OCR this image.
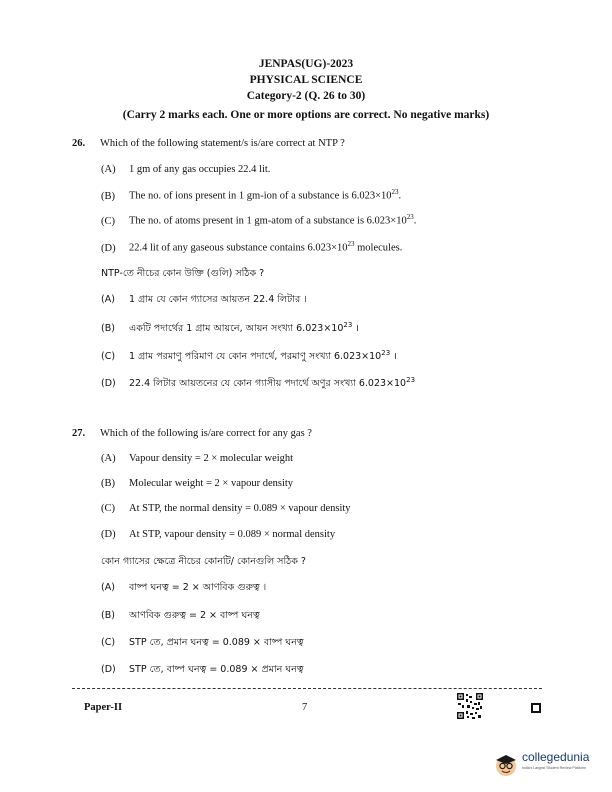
JENPAS(UG)-2023
PHYSICAL SCIENCE
Category-2 (Q. 26 to 30)
(Carry 2 marks each. One or more options are correct. No negative marks)
26. Which of the following statement/s is/are correct at NTP ?
(A) 1 gm of any gas occupies 22.4 lit.
(B) The no. of ions present in 1 gm-ion of a substance is $6.023\times 10^{23}$.
(C) The no. of atoms present in 1 gm-atom of a substance is $6.023\times 10^{23}$.
(D) 22.4 lit of any gaseous substance contains $6.023\times 10^{23}$ molecules.
NTP-তে নীচের কোন উক্তি (গুলি) সঠিক ?
(A) 1 গ্রাম যে কোন গ্যাসের আয়তন 22.4 লিটার ।
(B) একটি পদার্থের 1 গ্রাম আয়নে, আয়ন সংখ্যা $6.023\times 10^{23}$ ।
(C) 1 গ্রাম পরমাণু পরিমাণ যে কোন পদার্থে, পরমাণু সংখ্যা $6.023\times 10^{23}$ ।
(D) 22.4 লিটার আয়তনের যে কোন গ্যাসীয় পদার্থে অণুর সংখ্যা $6.023\times 10^{23}$
27. Which of the following is/are correct for any gas ?
(A) Vapour density = 2 × molecular weight
(B) Molecular weight = 2 × vapour density
(C) At STP, the normal density = 0.089 × vapour density
(D) At STP, vapour density = 0.089 × normal density
কোন গ্যাসের ক্ষেত্রে নীচের কোনটি/ কোনগুলি সঠিক ?
(A) বাষ্প ঘনত্ব = 2 × আণবিক গুরুত্ব ।
(B) আণবিক গুরুত্ব = 2 × বাষ্প ঘনত্ব
(C) STP তে, প্রমান ঘনত্ব = 0.089 × বাষ্প ঘনত্ব
(D) STP তে, বাষ্প ঘনত্ব = 0.089 × প্রমান ঘনত্ব
Paper-II	7
collegedunia
India's Largest Student Review Platform
